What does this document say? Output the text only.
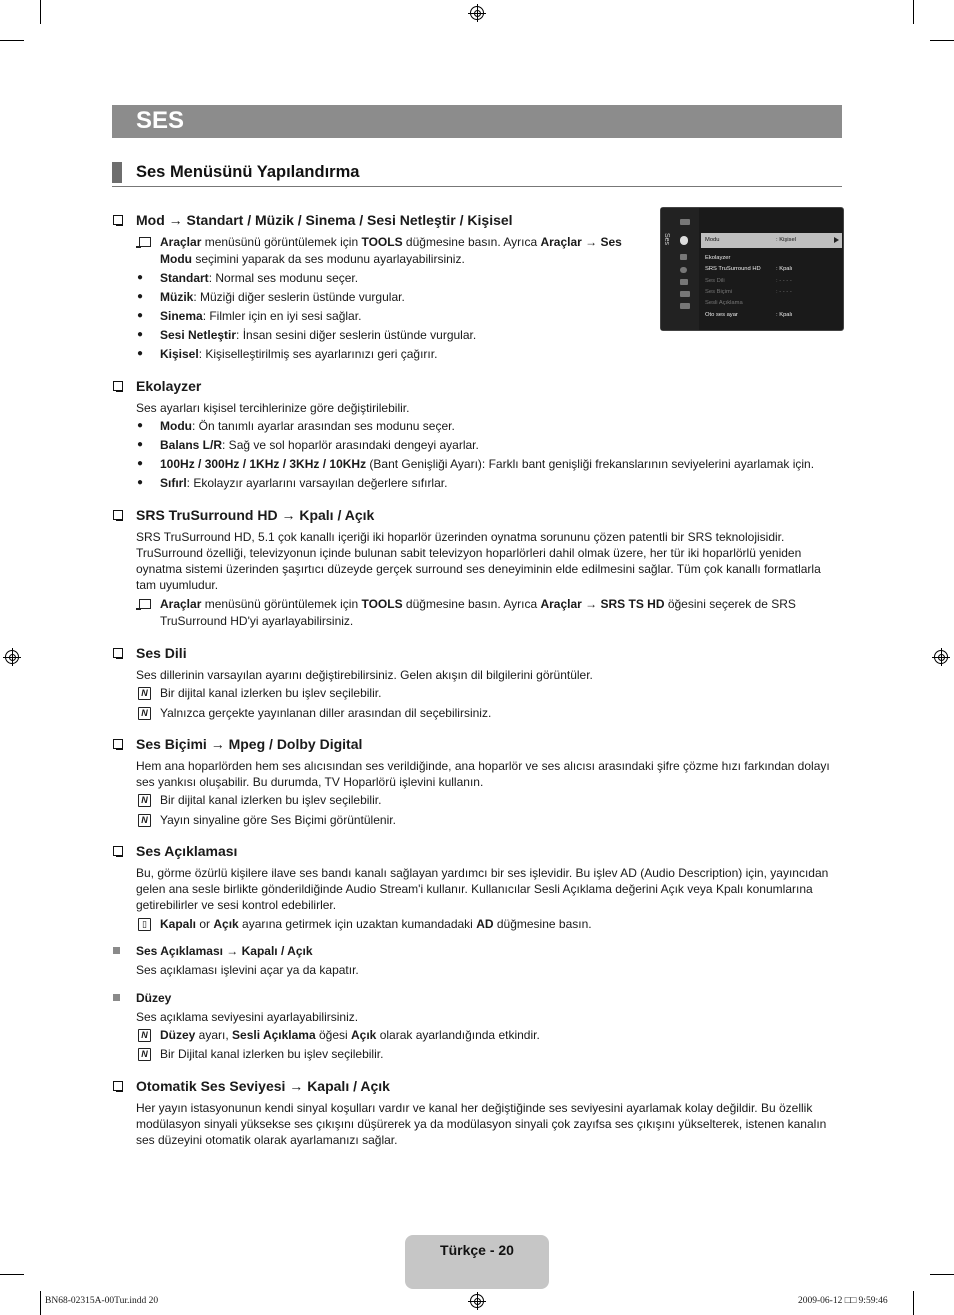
SES
Ses Menüsünü Yapılandırma
Ses	Modu	: Kişisel
Ekolayzer
SRS TruSurround HD	: Kpalı
Ses Dili	: - - - -
Ses Biçimi	: - - - -
Sesli Açıklama
Oto ses ayar	: Kpalı
Mod → Standart / Müzik / Sinema / Sesi Netleştir / Kişisel
Araçlar menüsünü görüntülemek için TOOLS düğmesine basın. Ayrıca Araçlar → Ses Modu seçimini yaparak da ses modunu ayarlayabilirsiniz.
● Standart: Normal ses modunu seçer.
● Müzik: Müziği diğer seslerin üstünde vurgular.
● Sinema: Filmler için en iyi sesi sağlar.
● Sesi Netleştir: İnsan sesini diğer seslerin üstünde vurgular.
● Kişisel: Kişiselleştirilmiş ses ayarlarınızı geri çağırır.
Ekolayzer

Ses ayarları kişisel tercihlerinize göre değiştirilebilir.

● Modu: Ön tanımlı ayarlar arasından ses modunu seçer.
● Balans L/R: Sağ ve sol hoparlör arasındaki dengeyi ayarlar.
● 100Hz / 300Hz / 1KHz / 3KHz / 10KHz (Bant Genişliği Ayarı): Farklı bant genişliği frekanslarının seviyelerini ayarlamak için.
● Sıfırl: Ekolayzır ayarlarını varsayılan değerlere sıfırlar.
SRS TruSurround HD → Kpalı / Açık

SRS TruSurround HD, 5.1 çok kanallı içeriği iki hoparlör üzerinden oynatma sorununu çözen patentli bir SRS teknolojisidir. TruSurround özelliği, televizyonun içinde bulunan sabit televizyon hoparlörleri dahil olmak üzere, her tür iki hoparlörlü yeniden oynatma sistemi üzerinden şaşırtıcı düzeyde gerçek surround ses deneyiminin elde edilmesini sağlar. Tüm çok kanallı formatlarla tam uyumludur.

Araçlar menüsünü görüntülemek için TOOLS düğmesine basın. Ayrıca Araçlar → SRS TS HD öğesini seçerek de SRS TruSurround HD'yi ayarlayabilirsiniz.
Ses Dili

Ses dillerinin varsayılan ayarını değiştirebilirsiniz. Gelen akışın dil bilgilerini görüntüler.

N Bir dijital kanal izlerken bu işlev seçilebilir.
N Yalnızca gerçekte yayınlanan diller arasından dil seçebilirsiniz.
Ses Biçimi → Mpeg / Dolby Digital

Hem ana hoparlörden hem ses alıcısından ses verildiğinde, ana hoparlör ve ses alıcısı arasındaki şifre çözme hızı farkından dolayı ses yankısı oluşabilir. Bu durumda, TV Hoparlörü işlevini kullanın.

N Bir dijital kanal izlerken bu işlev seçilebilir.
N Yayın sinyaline göre Ses Biçimi görüntülenir.
Ses Açıklaması

Bu, görme özürlü kişilere ilave ses bandı kanalı sağlayan yardımcı bir ses işlevidir. Bu işlev AD (Audio Description) için, yayıncıdan gelen ana sesle birlikte gönderildiğinde Audio Stream'i kullanır. Kullanıcılar Sesli Açıklama değerini Açık veya Kpalı konumlarına getirebilirler ve sesi kontrol edebilirler.

▯	Kapalı or Açık ayarına getirmek için uzaktan kumandadaki AD düğmesine basın.
Ses Açıklaması → Kapalı / Açık

Ses açıklaması işlevini açar ya da kapatır.

Düzey

Ses açıklama seviyesini ayarlayabilirsiniz.

N Düzey ayarı, Sesli Açıklama öğesi Açık olarak ayarlandığında etkindir.
N Bir Dijital kanal izlerken bu işlev seçilebilir.
Otomatik Ses Seviyesi → Kapalı / Açık

Her yayın istasyonunun kendi sinyal koşulları vardır ve kanal her değiştiğinde ses seviyesini ayarlamak kolay değildir. Bu özellik modülasyon sinyali yüksekse ses çıkışını düşürerek ya da modülasyon sinyali çok zayıfsa ses çıkışını yükselterek, istenen kanalın ses düzeyini otomatik olarak ayarlamanızı sağlar.

Türkçe - 20
BN68-02315A-00Tur.indd 20	2009-06-12 □□ 9:59:46
